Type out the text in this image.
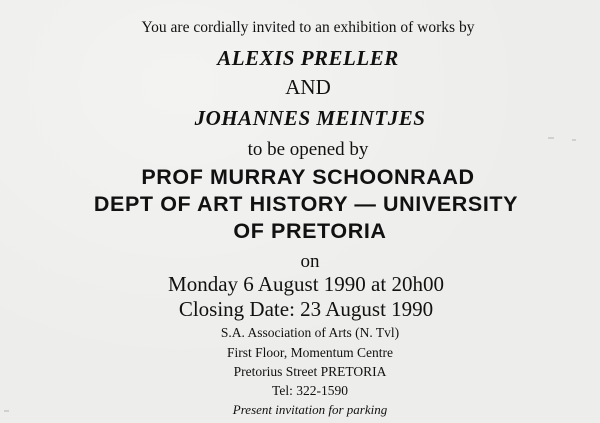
You are cordially invited to an exhibition of works by
ALEXIS PRELLER
AND
JOHANNES MEINTJES
to be opened by
PROF MURRAY SCHOONRAAD
DEPT OF ART HISTORY — UNIVERSITY
OF PRETORIA
on
Monday 6 August 1990 at 20h00
Closing Date: 23 August 1990
S.A. Association of Arts (N. Tvl)
First Floor, Momentum Centre
Pretorius Street PRETORIA
Tel: 322-1590
Present invitation for parking
